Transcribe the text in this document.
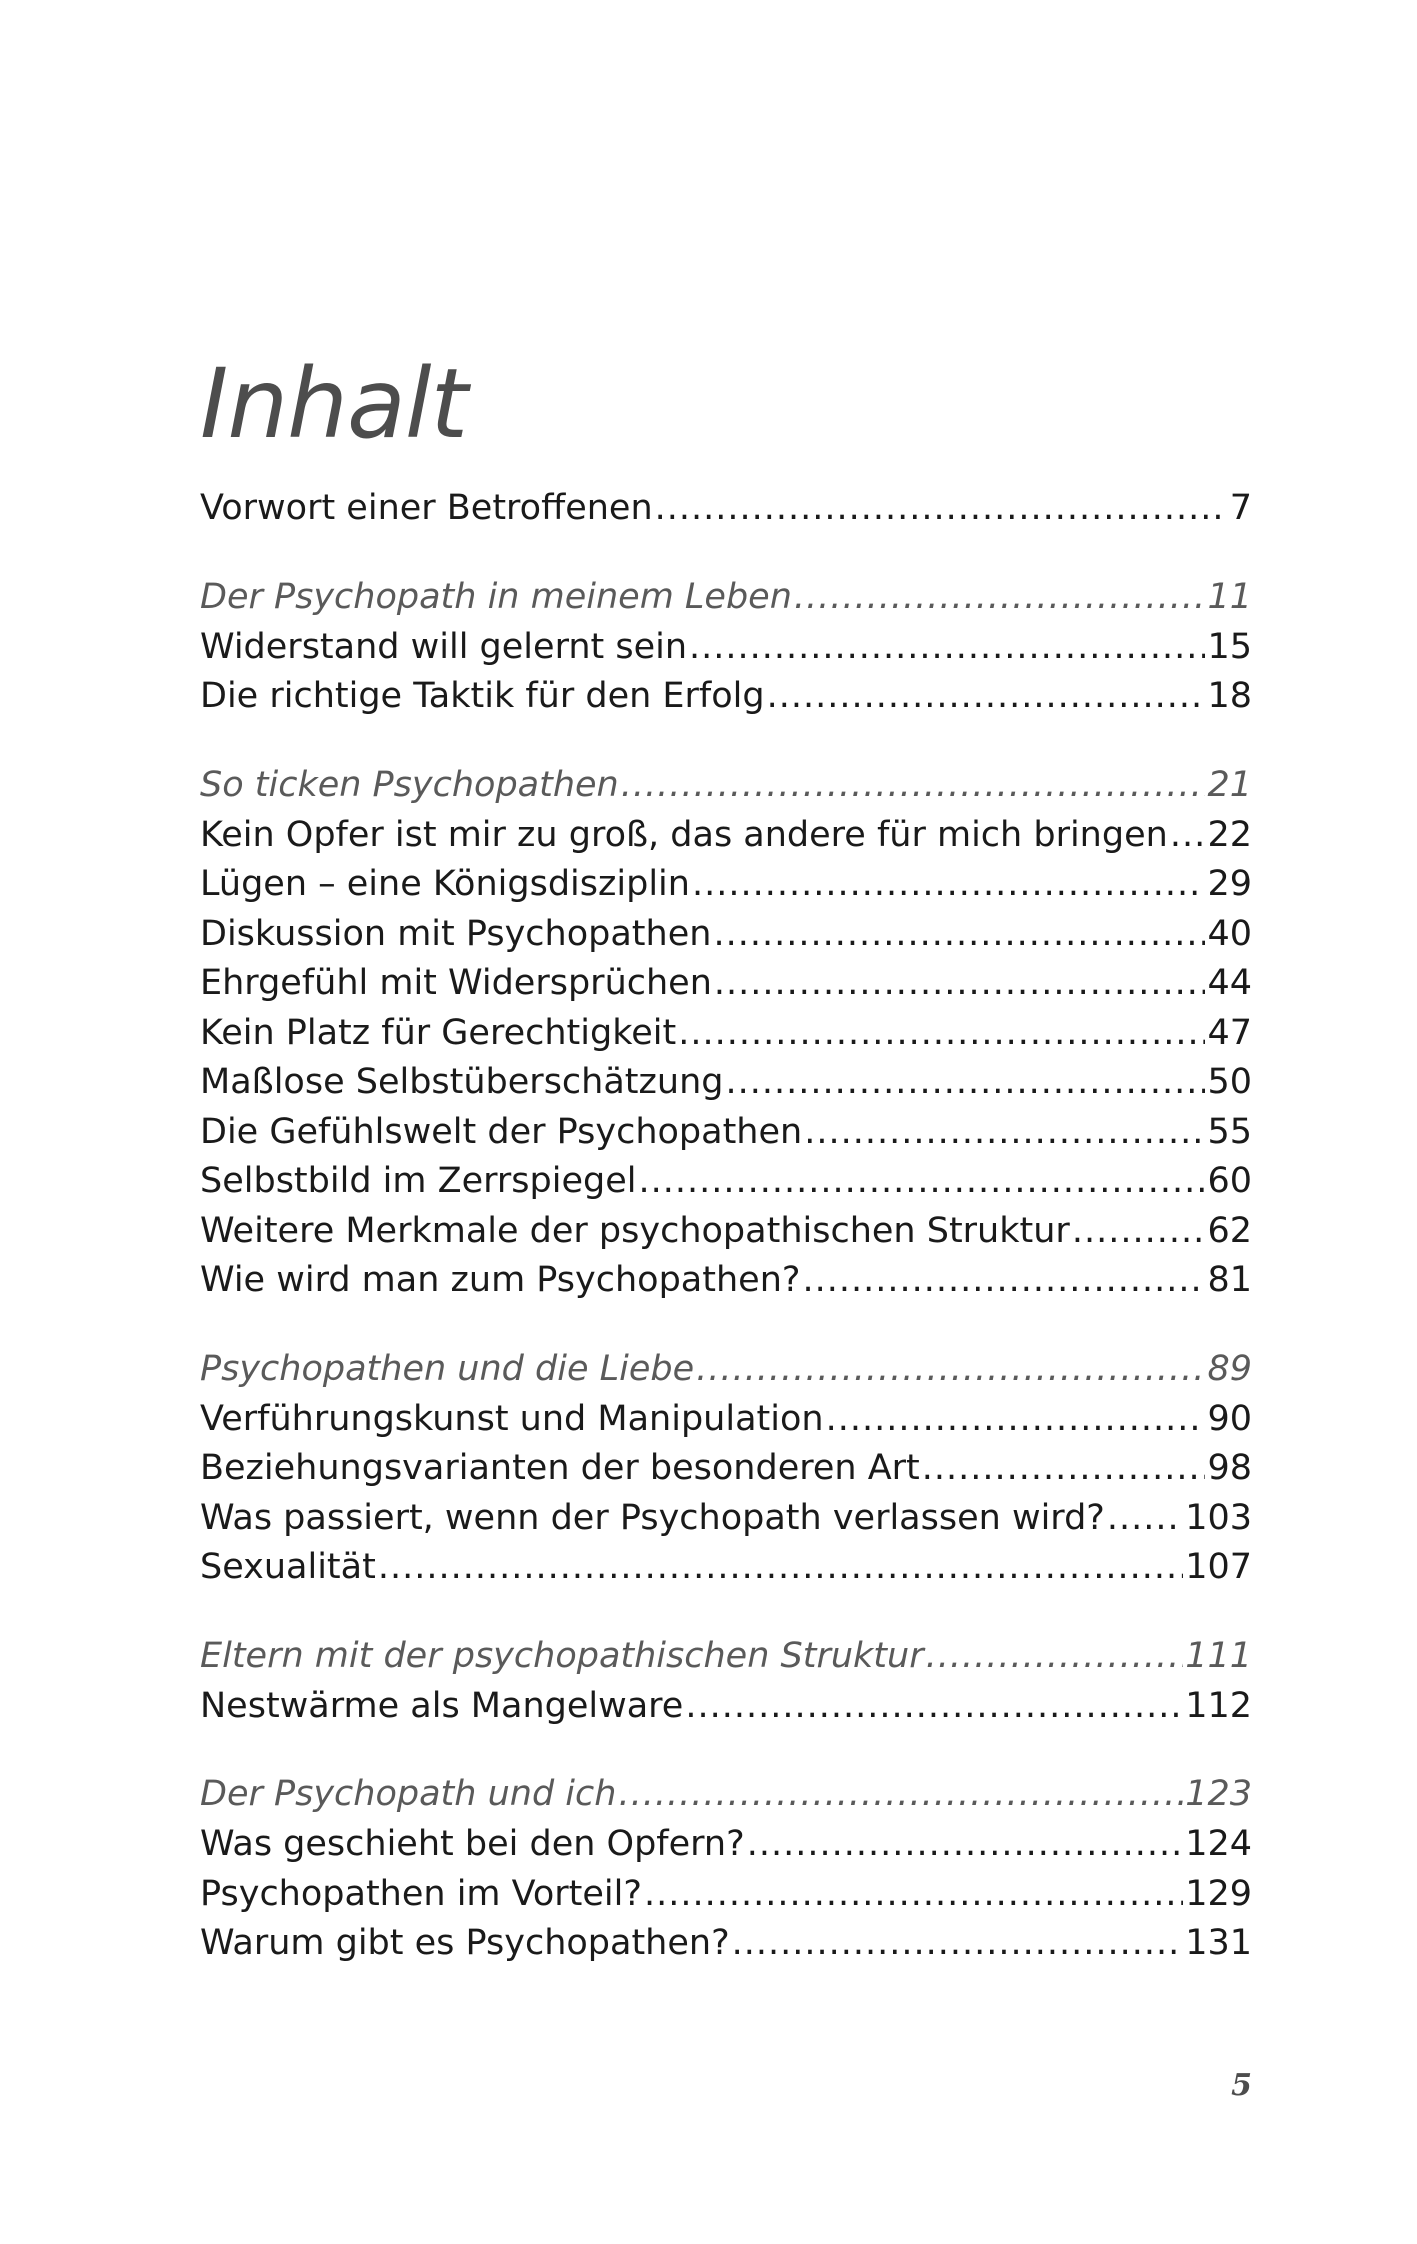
Inhalt
Vorwort einer Betroffenen .....	7
Der Psychopath in meinem Leben .....	11
Widerstand will gelernt sein .....	15
Die richtige Taktik für den Erfolg .....	18
So ticken Psychopathen .....	21
Kein Opfer ist mir zu groß, das andere für mich bringen ..... 22
Lügen – eine Königsdisziplin .....	29
Diskussion mit Psychopathen .....	40
Ehrgefühl mit Widersprüchen .....	44
Kein Platz für Gerechtigkeit .....	47
Maßlose Selbstüberschätzung .....	50
Die Gefühlswelt der Psychopathen .....	55
Selbstbild im Zerrspiegel .....	60
Weitere Merkmale der psychopathischen Struktur .....	62
Wie wird man zum Psychopathen? .....	81
Psychopathen und die Liebe .....	89
Verführungskunst und Manipulation .....	90
Beziehungsvarianten der besonderen Art .....	98
Was passiert, wenn der Psychopath verlassen wird? ..... 103
Sexualität .....	107
Eltern mit der psychopathischen Struktur .....	111
Nestwärme als Mangelware .....	112
Der Psychopath und ich .....	123
Was geschieht bei den Opfern? .....	124
Psychopathen im Vorteil? .....	129
Warum gibt es Psychopathen? .....	131
5
